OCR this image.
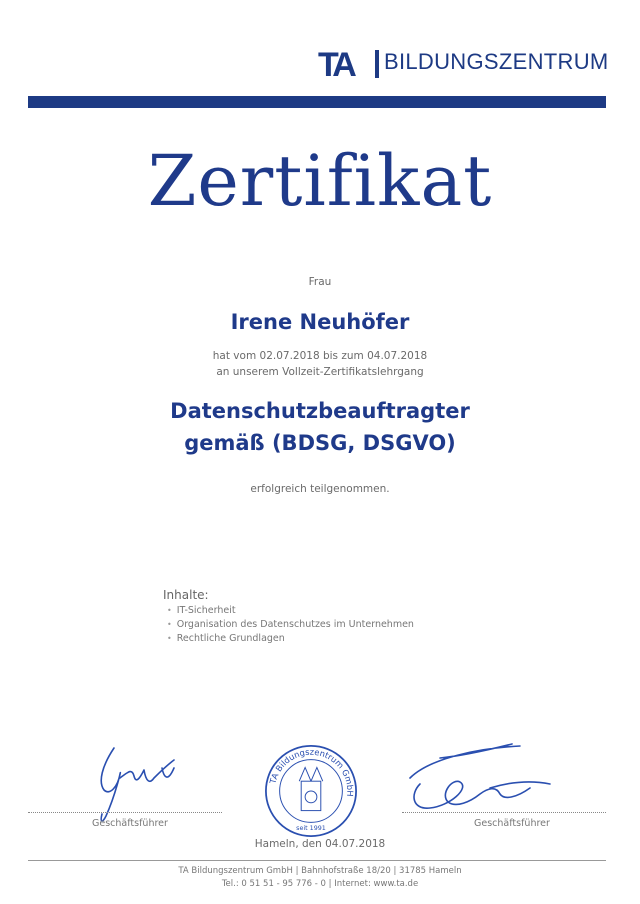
TA BILDUNGSZENTRUM
Zertifikat
Frau
Irene Neuhöfer
hat vom 02.07.2018 bis zum 04.07.2018
an unserem Vollzeit-Zertifikatslehrgang
Datenschutzbeauftragter
gemäß (BDSG, DSGVO)
erfolgreich teilgenommen.
Inhalte:
• IT-Sicherheit
• Organisation des Datenschutzes im Unternehmen
• Rechtliche Grundlagen
Geschäftsführer
TA Bildungszentrum GmbH
seit 1991
Hameln, den 04.07.2018
Geschäftsführer
TA Bildungszentrum GmbH | Bahnhofstraße 18/20 | 31785 Hameln
Tel.: 0 51 51 - 95 776 - 0 | Internet: www.ta.de
